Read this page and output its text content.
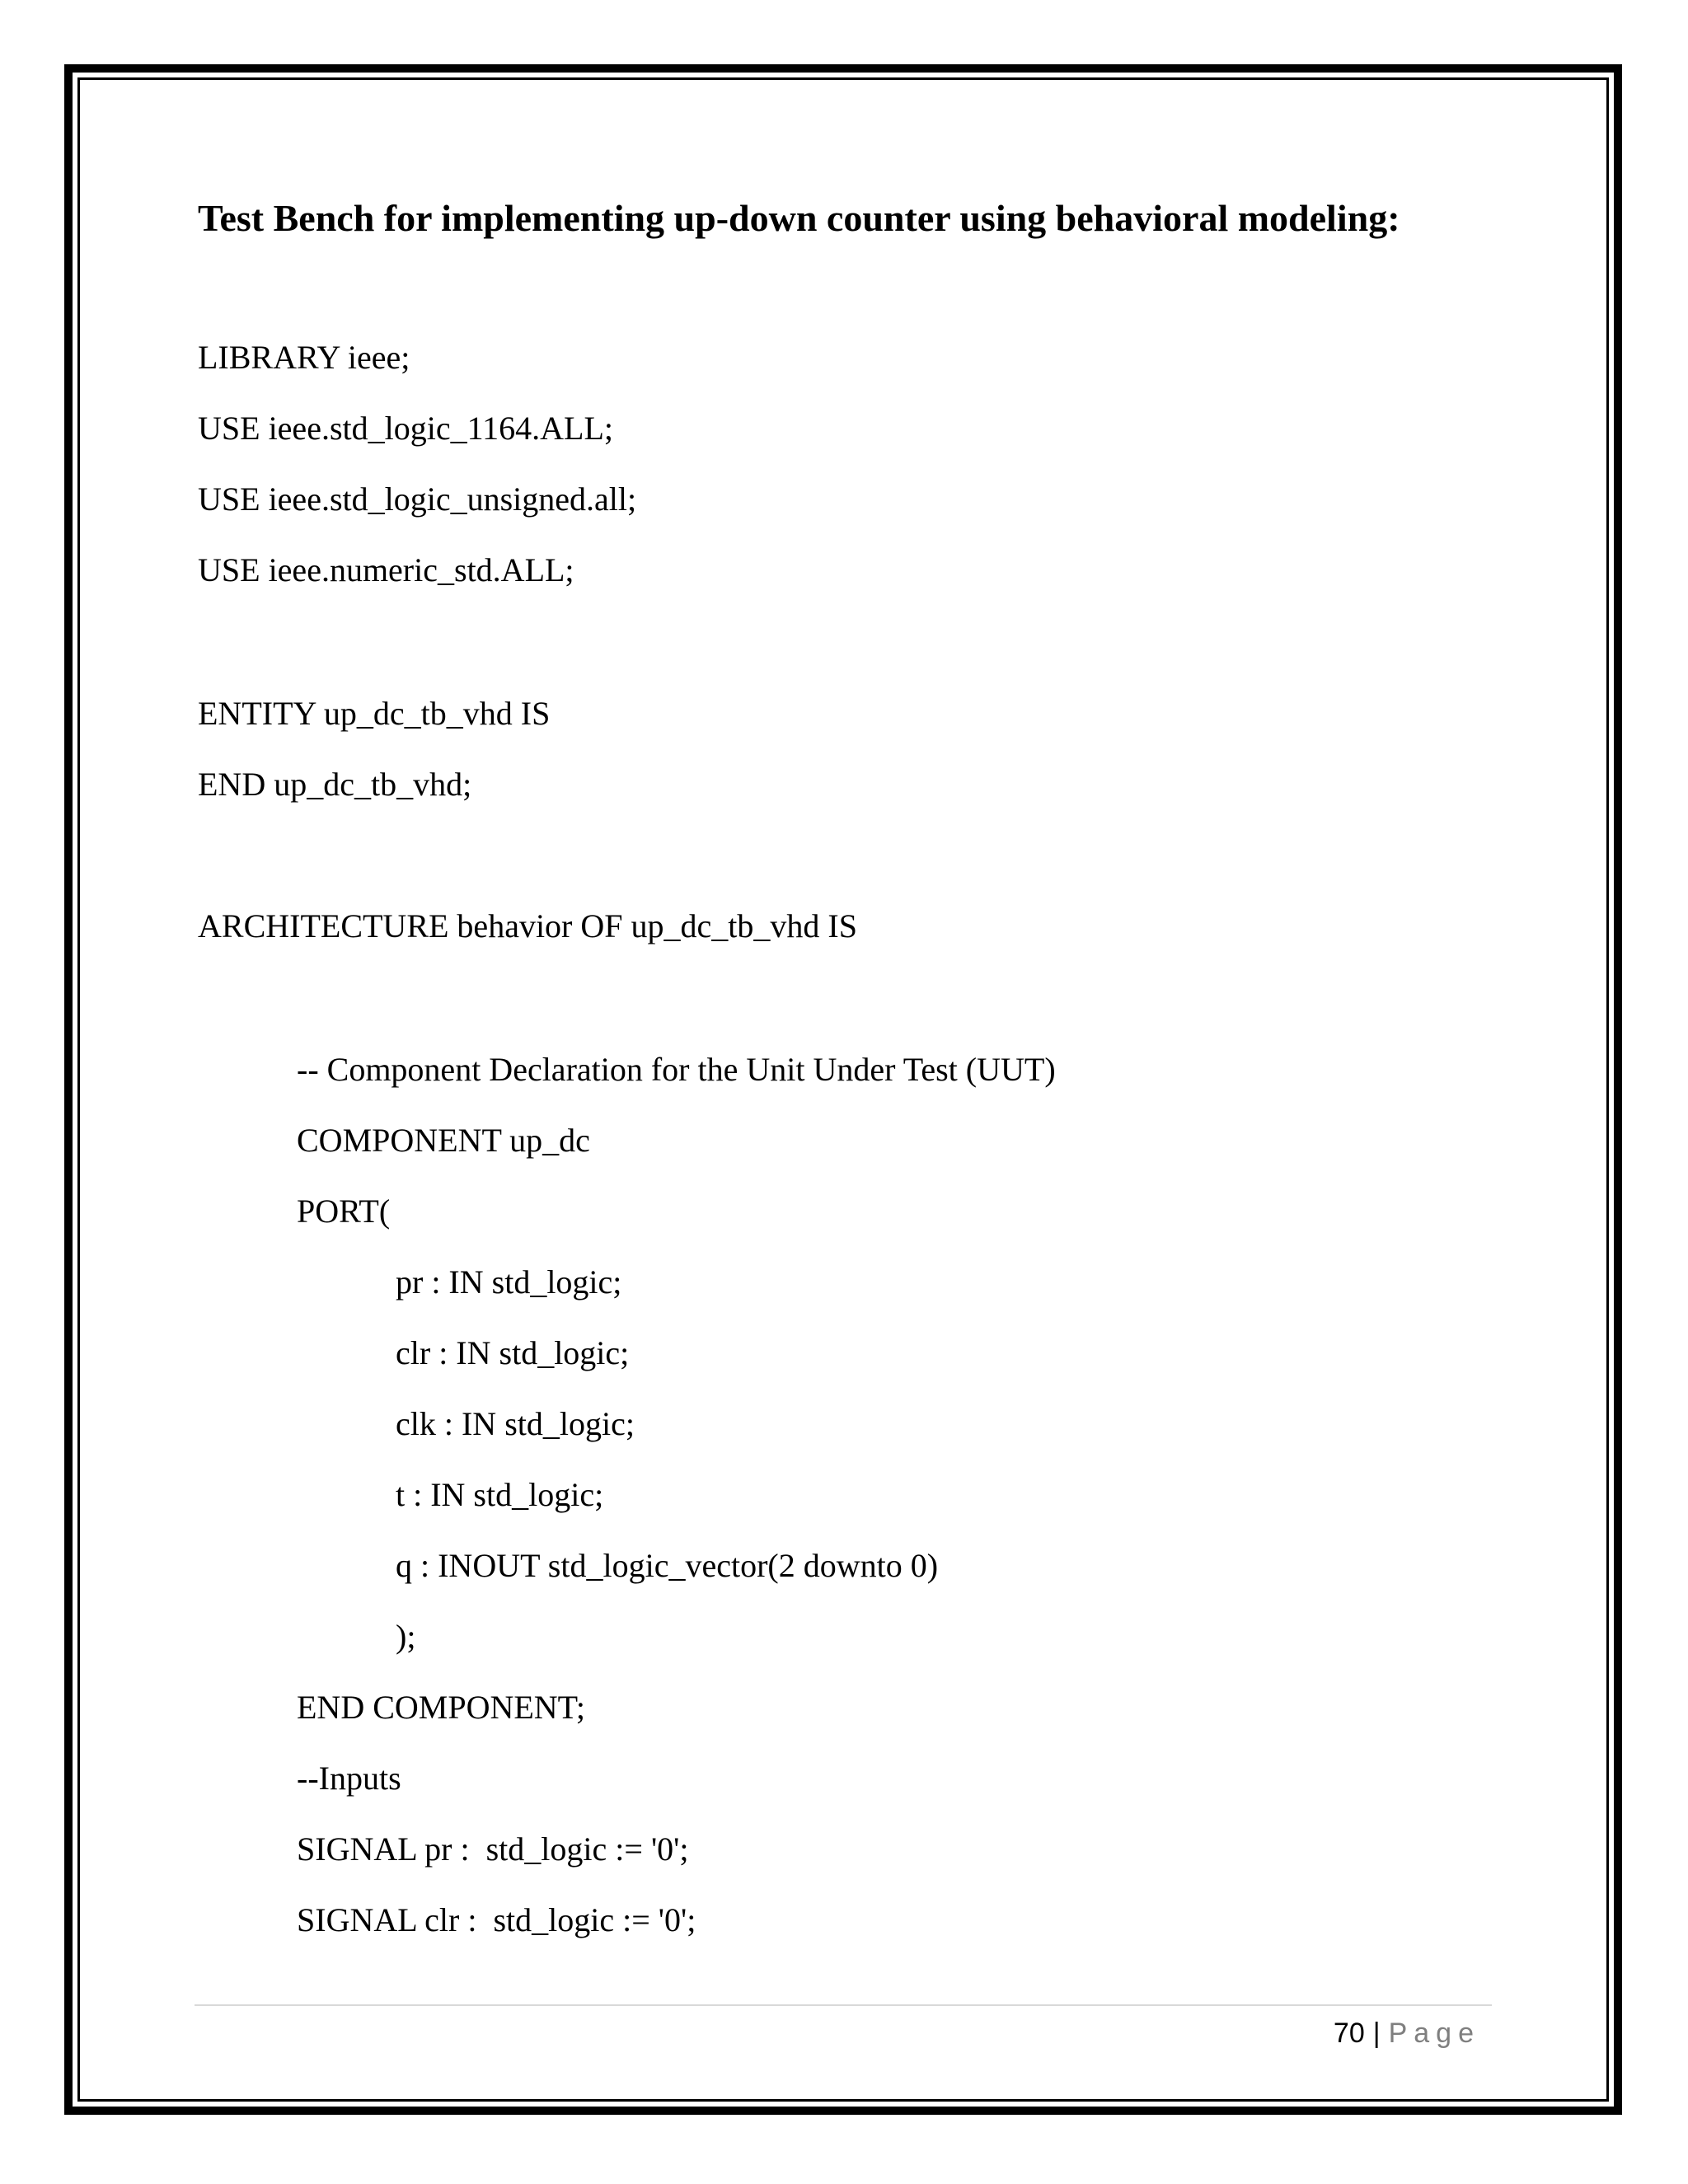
Test Bench for implementing up-down counter using behavioral modeling:
LIBRARY ieee;
USE ieee.std_logic_1164.ALL;
USE ieee.std_logic_unsigned.all;
USE ieee.numeric_std.ALL;
ENTITY up_dc_tb_vhd IS
END up_dc_tb_vhd;
ARCHITECTURE behavior OF up_dc_tb_vhd IS
-- Component Declaration for the Unit Under Test (UUT)
COMPONENT up_dc
PORT(
pr : IN std_logic;
clr : IN std_logic;
clk : IN std_logic;
t : IN std_logic;
q : INOUT std_logic_vector(2 downto 0)
);
END COMPONENT;
--Inputs
SIGNAL pr :  std_logic := '0';
SIGNAL clr :  std_logic := '0';
70 | Page
